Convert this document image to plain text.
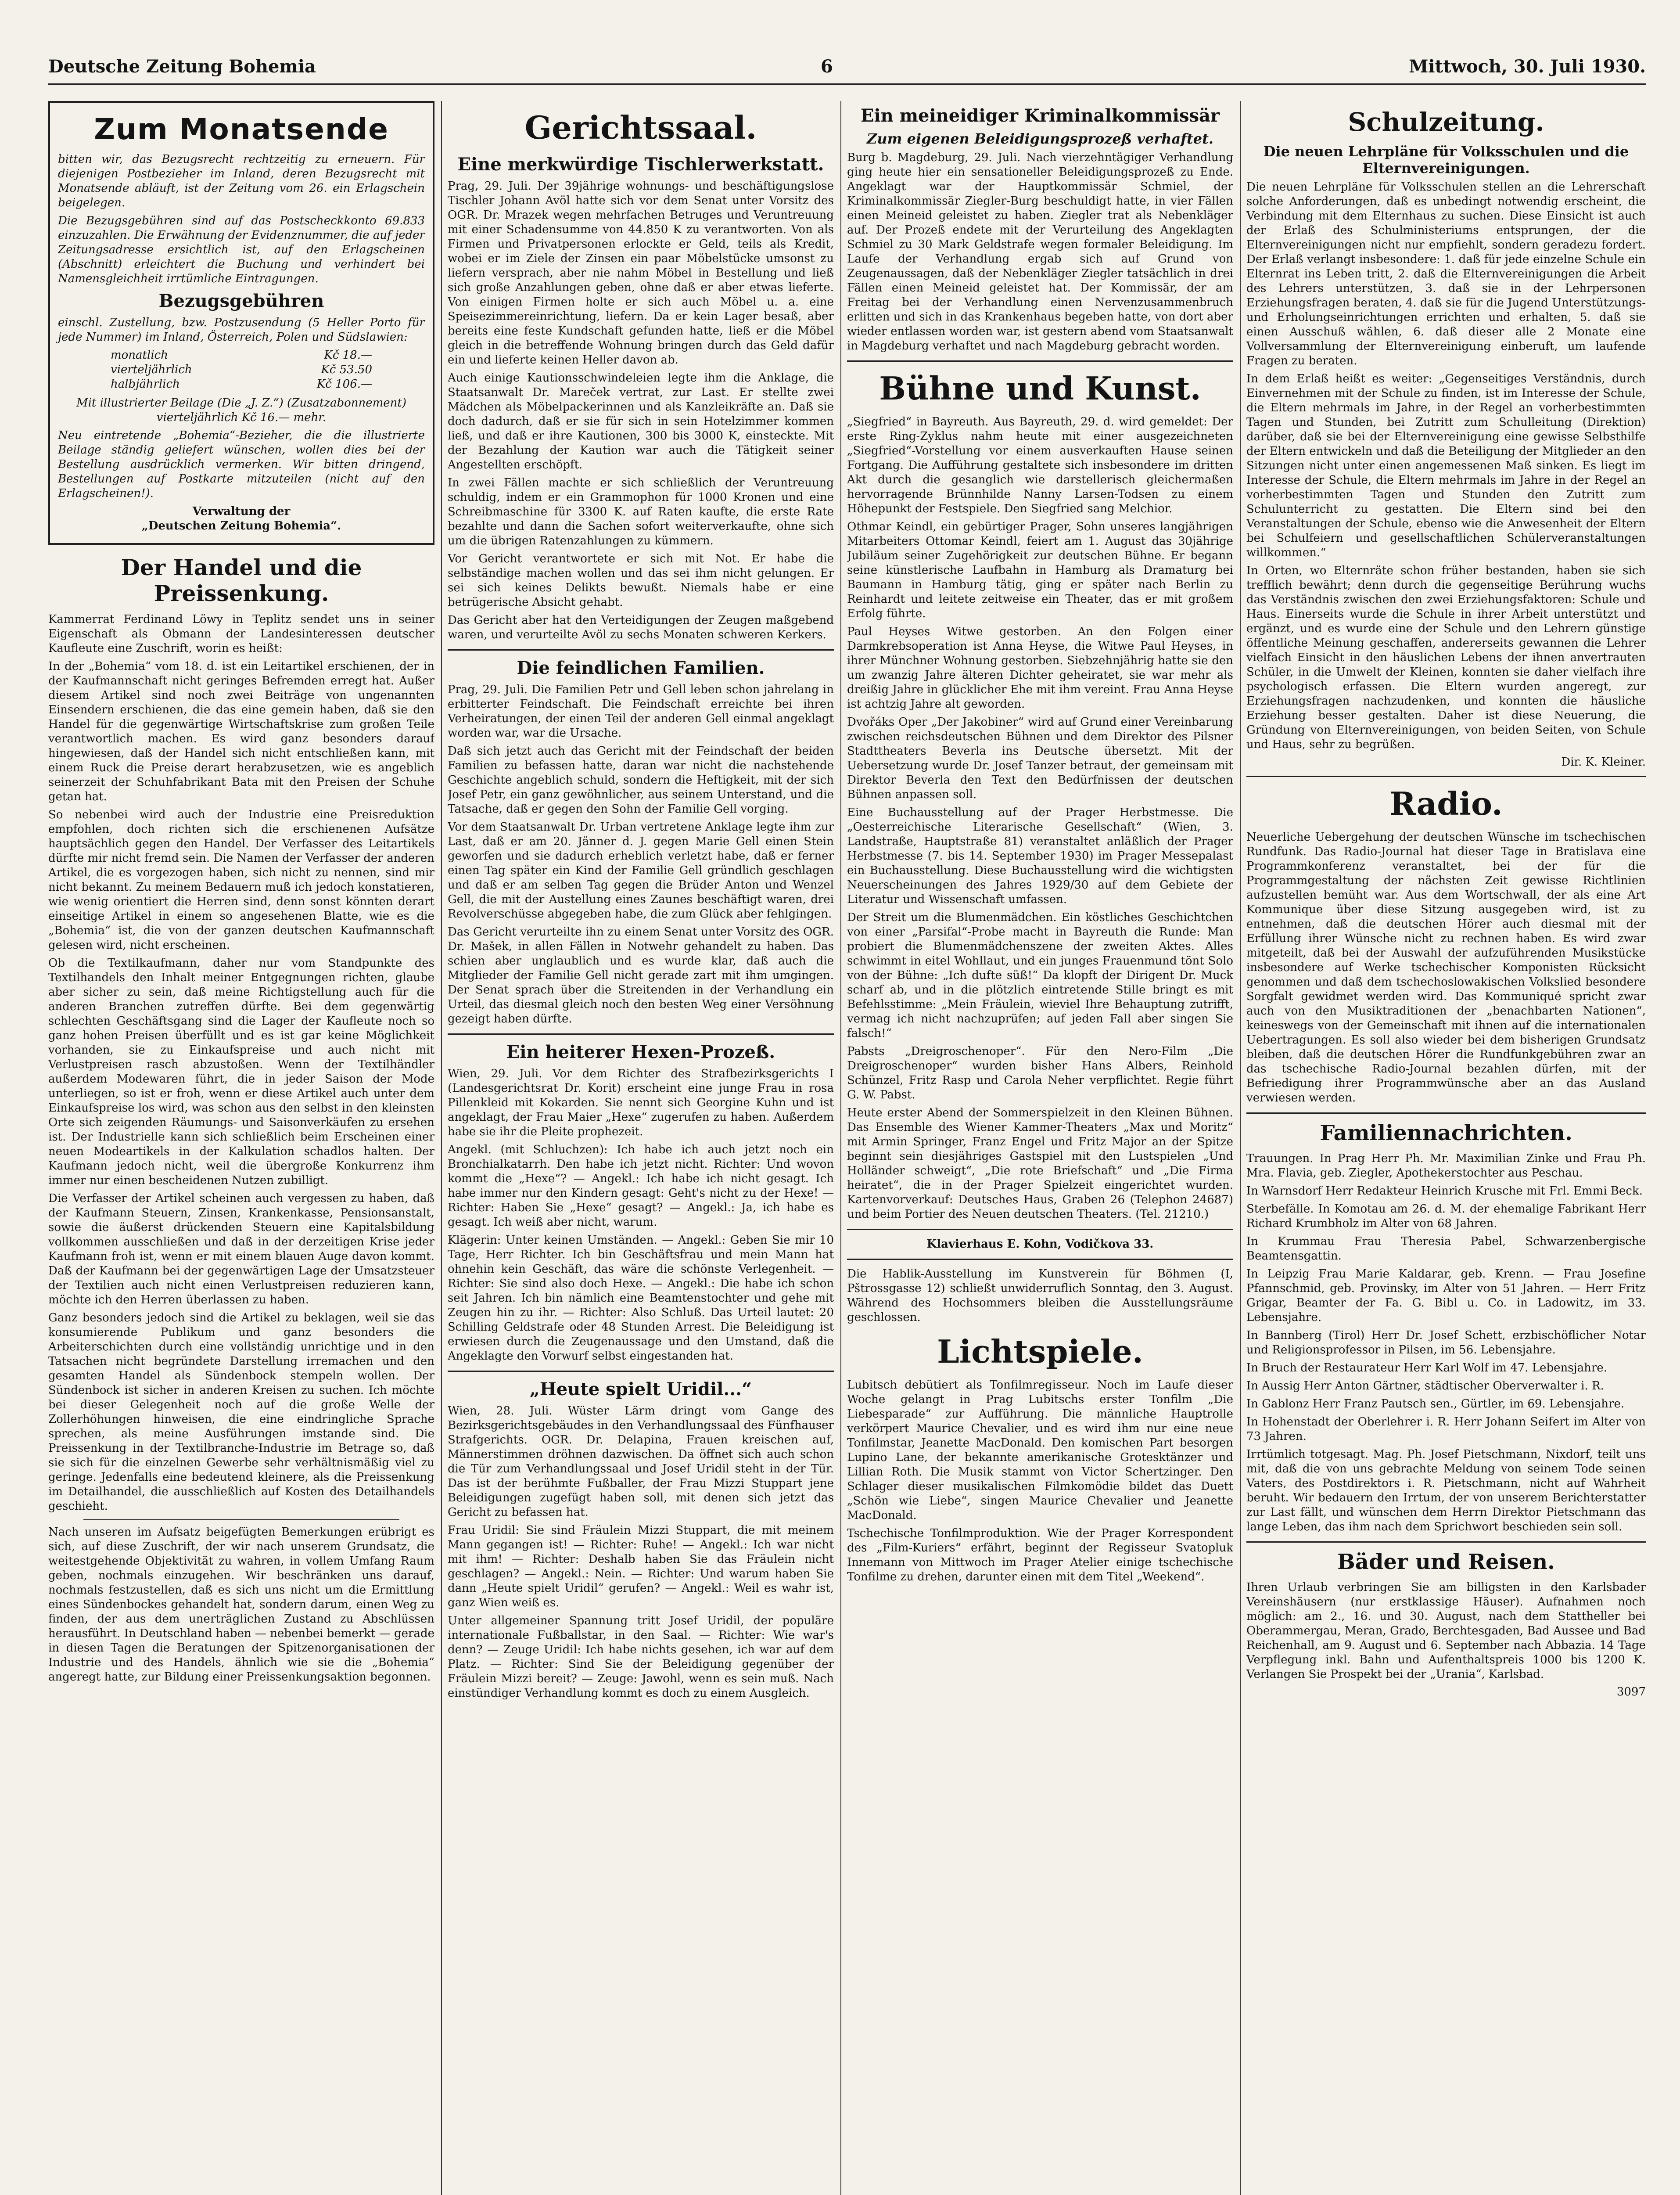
Deutsche Zeitung Bohemia	6	Mittwoch, 30. Juli 1930.
Zum Monatsende

bitten wir, das Bezugsrecht rechtzeitig zu erneuern. Für diejenigen Postbezieher im Inland, deren Bezugsrecht mit Monatsende abläuft, ist der Zeitung vom 26. ein Erlagschein beigelegen.

Die Bezugsgebühren sind auf das Postscheckkonto 69.833 einzuzahlen. Die Erwähnung der Evidenznummer, die auf jeder Zeitungsadresse ersichtlich ist, auf den Erlagscheinen (Abschnitt) erleichtert die Buchung und verhindert bei Namensgleichheit irrtümliche Eintragungen.

Bezugsgebühren

einschl. Zustellung, bzw. Postzusendung (5 Heller Porto für jede Nummer) im Inland, Österreich, Polen und Südslawien:

monatlich	Kč 18.—
vierteljährlich	Kč 53.50
halbjährlich	Kč 106.—

Mit illustrierter Beilage (Die „J. Z.“) (Zusatzabonnement) vierteljährlich Kč 16.— mehr.

Neu eintretende „Bohemia“-Bezieher, die die illustrierte Beilage ständig geliefert wünschen, wollen dies bei der Bestellung ausdrücklich vermerken. Wir bitten dringend, Bestellungen auf Postkarte mitzuteilen (nicht auf den Erlagscheinen!).

Verwaltung der

„Deutschen Zeitung Bohemia“.

Der Handel und die Preissenkung.

Kammerrat Ferdinand Löwy in Teplitz sendet uns in seiner Eigenschaft als Obmann der Landesinteressen deutscher Kaufleute eine Zuschrift, worin es heißt:

In der „Bohemia“ vom 18. d. ist ein Leitartikel erschienen, der in der Kaufmannschaft nicht geringes Befremden erregt hat. Außer diesem Artikel sind noch zwei Beiträge von ungenannten Einsendern erschienen, die das eine gemein haben, daß sie den Handel für die gegenwärtige Wirtschaftskrise zum großen Teile verantwortlich machen. Es wird ganz besonders darauf hingewiesen, daß der Handel sich nicht entschließen kann, mit einem Ruck die Preise derart herabzusetzen, wie es angeblich seinerzeit der Schuhfabrikant Bata mit den Preisen der Schuhe getan hat.

So nebenbei wird auch der Industrie eine Preisreduktion empfohlen, doch richten sich die erschienenen Aufsätze hauptsächlich gegen den Handel. Der Verfasser des Leitartikels dürfte mir nicht fremd sein. Die Namen der Verfasser der anderen Artikel, die es vorgezogen haben, sich nicht zu nennen, sind mir nicht bekannt. Zu meinem Bedauern muß ich jedoch konstatieren, wie wenig orientiert die Herren sind, denn sonst könnten derart einseitige Artikel in einem so angesehenen Blatte, wie es die „Bohemia“ ist, die von der ganzen deutschen Kaufmannschaft gelesen wird, nicht erscheinen.

Ob die Textilkaufmann, daher nur vom Standpunkte des Textilhandels den Inhalt meiner Entgegnungen richten, glaube aber sicher zu sein, daß meine Richtigstellung auch für die anderen Branchen zutreffen dürfte. Bei dem gegenwärtig schlechten Geschäftsgang sind die Lager der Kaufleute noch so ganz hohen Preisen überfüllt und es ist gar keine Möglichkeit vorhanden, sie zu Einkaufspreise und auch nicht mit Verlustpreisen rasch abzustoßen. Wenn der Textilhändler außerdem Modewaren führt, die in jeder Saison der Mode unterliegen, so ist er froh, wenn er diese Artikel auch unter dem Einkaufspreise los wird, was schon aus den selbst in den kleinsten Orte sich zeigenden Räumungs- und Saisonverkäufen zu ersehen ist. Der Industrielle kann sich schließlich beim Erscheinen einer neuen Modeartikels in der Kalkulation schadlos halten. Der Kaufmann jedoch nicht, weil die übergroße Konkurrenz ihm immer nur einen bescheidenen Nutzen zubilligt.

Die Verfasser der Artikel scheinen auch vergessen zu haben, daß der Kaufmann Steuern, Zinsen, Krankenkasse, Pensionsanstalt, sowie die äußerst drückenden Steuern eine Kapitalsbildung vollkommen ausschließen und daß in der derzeitigen Krise jeder Kaufmann froh ist, wenn er mit einem blauen Auge davon kommt. Daß der Kaufmann bei der gegenwärtigen Lage der Umsatzsteuer der Textilien auch nicht einen Verlustpreisen reduzieren kann, möchte ich den Herren überlassen zu haben.

Ganz besonders jedoch sind die Artikel zu beklagen, weil sie das konsumierende Publikum und ganz besonders die Arbeiterschichten durch eine vollständig unrichtige und in den Tatsachen nicht begründete Darstellung irremachen und den gesamten Handel als Sündenbock stempeln wollen. Der Sündenbock ist sicher in anderen Kreisen zu suchen. Ich möchte bei dieser Gelegenheit noch auf die große Welle der Zollerhöhungen hinweisen, die eine eindringliche Sprache sprechen, als meine Ausführungen imstande sind. Die Preissenkung in der Textilbranche-Industrie im Betrage so, daß sie sich für die einzelnen Gewerbe sehr verhältnismäßig viel zu geringe. Jedenfalls eine bedeutend kleinere, als die Preissenkung im Detailhandel, die ausschließlich auf Kosten des Detailhandels geschieht.

Nach unseren im Aufsatz beigefügten Bemerkungen erübrigt es sich, auf diese Zuschrift, der wir nach unserem Grundsatz, die weitestgehende Objektivität zu wahren, in vollem Umfang Raum geben, nochmals einzugehen. Wir beschränken uns darauf, nochmals festzustellen, daß es sich uns nicht um die Ermittlung eines Sündenbockes gehandelt hat, sondern darum, einen Weg zu finden, der aus dem unerträglichen Zustand zu Abschlüssen herausführt. In Deutschland haben — nebenbei bemerkt — gerade in diesen Tagen die Beratungen der Spitzenorganisationen der Industrie und des Handels, ähnlich wie sie die „Bohemia“ angeregt hatte, zur Bildung einer Preissenkungsaktion begonnen.

Gerichtssaal.
Eine merkwürdige Tischlerwerkstatt.

Prag, 29. Juli. Der 39jährige wohnungs- und beschäftigungslose Tischler Johann Avöl hatte sich vor dem Senat unter Vorsitz des OGR. Dr. Mrazek wegen mehrfachen Betruges und Veruntreuung mit einer Schadensumme von 44.850 K zu verantworten. Von als Firmen und Privatpersonen erlockte er Geld, teils als Kredit, wobei er im Ziele der Zinsen ein paar Möbelstücke umsonst zu liefern versprach, aber nie nahm Möbel in Bestellung und ließ sich große Anzahlungen geben, ohne daß er aber etwas lieferte. Von einigen Firmen holte er sich auch Möbel u. a. eine Speisezimmereinrichtung, liefern. Da er kein Lager besaß, aber bereits eine feste Kundschaft gefunden hatte, ließ er die Möbel gleich in die betreffende Wohnung bringen durch das Geld dafür ein und lieferte keinen Heller davon ab.

Auch einige Kautionsschwindeleien legte ihm die Anklage, die Staatsanwalt Dr. Mareček vertrat, zur Last. Er stellte zwei Mädchen als Möbelpackerinnen und als Kanzleikräfte an. Daß sie doch dadurch, daß er sie für sich in sein Hotelzimmer kommen ließ, und daß er ihre Kautionen, 300 bis 3000 K, einsteckte. Mit der Bezahlung der Kaution war auch die Tätigkeit seiner Angestellten erschöpft.

In zwei Fällen machte er sich schließlich der Veruntreuung schuldig, indem er ein Grammophon für 1000 Kronen und eine Schreibmaschine für 3300 K. auf Raten kaufte, die erste Rate bezahlte und dann die Sachen sofort weiterverkaufte, ohne sich um die übrigen Ratenzahlungen zu kümmern.

Vor Gericht verantwortete er sich mit Not. Er habe die selbständige machen wollen und das sei ihm nicht gelungen. Er sei sich keines Delikts bewußt. Niemals habe er eine betrügerische Absicht gehabt.

Das Gericht aber hat den Verteidigungen der Zeugen maßgebend waren, und verurteilte Avöl zu sechs Monaten schweren Kerkers.

Die feindlichen Familien.

Prag, 29. Juli. Die Familien Petr und Gell leben schon jahrelang in erbitterter Feindschaft. Die Feindschaft erreichte bei ihren Verheiratungen, der einen Teil der anderen Gell einmal angeklagt worden war, war die Ursache.

Daß sich jetzt auch das Gericht mit der Feindschaft der beiden Familien zu befassen hatte, daran war nicht die nachstehende Geschichte angeblich schuld, sondern die Heftigkeit, mit der sich Josef Petr, ein ganz gewöhnlicher, aus seinem Unterstand, und die Tatsache, daß er gegen den Sohn der Familie Gell vorging.

Vor dem Staatsanwalt Dr. Urban vertretene Anklage legte ihm zur Last, daß er am 20. Jänner d. J. gegen Marie Gell einen Stein geworfen und sie dadurch erheblich verletzt habe, daß er ferner einen Tag später ein Kind der Familie Gell gründlich geschlagen und daß er am selben Tag gegen die Brüder Anton und Wenzel Gell, die mit der Austellung eines Zaunes beschäftigt waren, drei Revolverschüsse abgegeben habe, die zum Glück aber fehlgingen.

Das Gericht verurteilte ihn zu einem Senat unter Vorsitz des OGR. Dr. Mašek, in allen Fällen in Notwehr gehandelt zu haben. Das schien aber unglaublich und es wurde klar, daß auch die Mitglieder der Familie Gell nicht gerade zart mit ihm umgingen. Der Senat sprach über die Streitenden in der Verhandlung ein Urteil, das diesmal gleich noch den besten Weg einer Versöhnung gezeigt haben dürfte.

Ein heiterer Hexen-Prozeß.

Wien, 29. Juli. Vor dem Richter des Strafbezirksgerichts I (Landesgerichtsrat Dr. Korit) erscheint eine junge Frau in rosa Pillenkleid mit Kokarden. Sie nennt sich Georgine Kuhn und ist angeklagt, der Frau Maier „Hexe“ zugerufen zu haben. Außerdem habe sie ihr die Pleite prophezeit.

Angekl. (mit Schluchzen): Ich habe ich auch jetzt noch ein Bronchialkatarrh. Den habe ich jetzt nicht. Richter: Und wovon kommt die „Hexe“? — Angekl.: Ich habe ich nicht gesagt. Ich habe immer nur den Kindern gesagt: Geht's nicht zu der Hexe! — Richter: Haben Sie „Hexe“ gesagt? — Angekl.: Ja, ich habe es gesagt. Ich weiß aber nicht, warum.

Klägerin: Unter keinen Umständen. — Angekl.: Geben Sie mir 10 Tage, Herr Richter. Ich bin Geschäftsfrau und mein Mann hat ohnehin kein Geschäft, das wäre die schönste Verlegenheit. — Richter: Sie sind also doch Hexe. — Angekl.: Die habe ich schon seit Jahren. Ich bin nämlich eine Beamtenstochter und gehe mit Zeugen hin zu ihr. — Richter: Also Schluß. Das Urteil lautet: 20 Schilling Geldstrafe oder 48 Stunden Arrest. Die Beleidigung ist erwiesen durch die Zeugenaussage und den Umstand, daß die Angeklagte den Vorwurf selbst eingestanden hat.

„Heute spielt Uridil...“

Wien, 28. Juli. Wüster Lärm dringt vom Gange des Bezirksgerichtsgebäudes in den Verhandlungssaal des Fünfhauser Strafgerichts. OGR. Dr. Delapina, Frauen kreischen auf, Männerstimmen dröhnen dazwischen. Da öffnet sich auch schon die Tür zum Verhandlungssaal und Josef Uridil steht in der Tür. Das ist der berühmte Fußballer, der Frau Mizzi Stuppart jene Beleidigungen zugefügt haben soll, mit denen sich jetzt das Gericht zu befassen hat.

Frau Uridil: Sie sind Fräulein Mizzi Stuppart, die mit meinem Mann gegangen ist! — Richter: Ruhe! — Angekl.: Ich war nicht mit ihm! — Richter: Deshalb haben Sie das Fräulein nicht geschlagen? — Angekl.: Nein. — Richter: Und warum haben Sie dann „Heute spielt Uridil“ gerufen? — Angekl.: Weil es wahr ist, ganz Wien weiß es.

Unter allgemeiner Spannung tritt Josef Uridil, der populäre internationale Fußballstar, in den Saal. — Richter: Wie war's denn? — Zeuge Uridil: Ich habe nichts gesehen, ich war auf dem Platz. — Richter: Sind Sie der Beleidigung gegenüber der Fräulein Mizzi bereit? — Zeuge: Jawohl, wenn es sein muß. Nach einstündiger Verhandlung kommt es doch zu einem Ausgleich.

Ein meineidiger Kriminalkommissär
Zum eigenen Beleidigungsprozeß verhaftet.

Burg b. Magdeburg, 29. Juli. Nach vierzehntägiger Verhandlung ging heute hier ein sensationeller Beleidigungsprozeß zu Ende. Angeklagt war der Hauptkommissär Schmiel, der Kriminalkommissär Ziegler-Burg beschuldigt hatte, in vier Fällen einen Meineid geleistet zu haben. Ziegler trat als Nebenkläger auf. Der Prozeß endete mit der Verurteilung des Angeklagten Schmiel zu 30 Mark Geldstrafe wegen formaler Beleidigung. Im Laufe der Verhandlung ergab sich auf Grund von Zeugenaussagen, daß der Nebenkläger Ziegler tatsächlich in drei Fällen einen Meineid geleistet hat. Der Kommissär, der am Freitag bei der Verhandlung einen Nervenzusammenbruch erlitten und sich in das Krankenhaus begeben hatte, von dort aber wieder entlassen worden war, ist gestern abend vom Staatsanwalt in Magdeburg verhaftet und nach Magdeburg gebracht worden.

Bühne und Kunst.

„Siegfried“ in Bayreuth. Aus Bayreuth, 29. d. wird gemeldet: Der erste Ring-Zyklus nahm heute mit einer ausgezeichneten „Siegfried“-Vorstellung vor einem ausverkauften Hause seinen Fortgang. Die Aufführung gestaltete sich insbesondere im dritten Akt durch die gesanglich wie darstellerisch gleichermaßen hervorragende Brünnhilde Nanny Larsen-Todsen zu einem Höhepunkt der Festspiele. Den Siegfried sang Melchior.

Othmar Keindl, ein gebürtiger Prager, Sohn unseres langjährigen Mitarbeiters Ottomar Keindl, feiert am 1. August das 30jährige Jubiläum seiner Zugehörigkeit zur deutschen Bühne. Er begann seine künstlerische Laufbahn in Hamburg als Dramaturg bei Baumann in Hamburg tätig, ging er später nach Berlin zu Reinhardt und leitete zeitweise ein Theater, das er mit großem Erfolg führte.

Paul Heyses Witwe gestorben. An den Folgen einer Darmkrebsoperation ist Anna Heyse, die Witwe Paul Heyses, in ihrer Münchner Wohnung gestorben. Siebzehnjährig hatte sie den um zwanzig Jahre älteren Dichter geheiratet, sie war mehr als dreißig Jahre in glücklicher Ehe mit ihm vereint. Frau Anna Heyse ist achtzig Jahre alt geworden.

Dvořáks Oper „Der Jakobiner“ wird auf Grund einer Vereinbarung zwischen reichsdeutschen Bühnen und dem Direktor des Pilsner Stadttheaters Beverla ins Deutsche übersetzt. Mit der Uebersetzung wurde Dr. Josef Tanzer betraut, der gemeinsam mit Direktor Beverla den Text den Bedürfnissen der deutschen Bühnen anpassen soll.

Eine Buchausstellung auf der Prager Herbstmesse. Die „Oesterreichische Literarische Gesellschaft“ (Wien, 3. Landstraße, Hauptstraße 81) veranstaltet anläßlich der Prager Herbstmesse (7. bis 14. September 1930) im Prager Messepalast ein Buchausstellung. Diese Buchausstellung wird die wichtigsten Neuerscheinungen des Jahres 1929/30 auf dem Gebiete der Literatur und Wissenschaft umfassen.

Der Streit um die Blumenmädchen. Ein köstliches Geschichtchen von einer „Parsifal“-Probe macht in Bayreuth die Runde: Man probiert die Blumenmädchenszene der zweiten Aktes. Alles schwimmt in eitel Wohllaut, und ein junges Frauenmund tönt Solo von der Bühne: „Ich dufte süß!“ Da klopft der Dirigent Dr. Muck scharf ab, und in die plötzlich eintretende Stille bringt es mit Befehlsstimme: „Mein Fräulein, wieviel Ihre Behauptung zutrifft, vermag ich nicht nachzuprüfen; auf jeden Fall aber singen Sie falsch!“

Pabsts „Dreigroschenoper“. Für den Nero-Film „Die Dreigroschenoper“ wurden bisher Hans Albers, Reinhold Schünzel, Fritz Rasp und Carola Neher verpflichtet. Regie führt G. W. Pabst.

Heute erster Abend der Sommerspielzeit in den Kleinen Bühnen. Das Ensemble des Wiener Kammer-Theaters „Max und Moritz“ mit Armin Springer, Franz Engel und Fritz Major an der Spitze beginnt sein diesjähriges Gastspiel mit den Lustspielen „Und Holländer schweigt“, „Die rote Briefschaft“ und „Die Firma heiratet“, die in der Prager Spielzeit eingerichtet wurden. Kartenvorverkauf: Deutsches Haus, Graben 26 (Telephon 24687) und beim Portier des Neuen deutschen Theaters. (Tel. 21210.)

Klavierhaus E. Kohn, Vodičkova 33.

Die Hablik-Ausstellung im Kunstverein für Böhmen (I, Pštrossgasse 12) schließt unwiderruflich Sonntag, den 3. August. Während des Hochsommers bleiben die Ausstellungsräume geschlossen.

Lichtspiele.

Lubitsch debütiert als Tonfilmregisseur. Noch im Laufe dieser Woche gelangt in Prag Lubitschs erster Tonfilm „Die Liebesparade“ zur Aufführung. Die männliche Hauptrolle verkörpert Maurice Chevalier, und es wird ihm nur eine neue Tonfilmstar, Jeanette MacDonald. Den komischen Part besorgen Lupino Lane, der bekannte amerikanische Grotesktänzer und Lillian Roth. Die Musik stammt von Victor Schertzinger. Den Schlager dieser musikalischen Filmkomödie bildet das Duett „Schön wie Liebe“, singen Maurice Chevalier und Jeanette MacDonald.

Tschechische Tonfilmproduktion. Wie der Prager Korrespondent des „Film-Kuriers“ erfährt, beginnt der Regisseur Svatopluk Innemann von Mittwoch im Prager Atelier einige tschechische Tonfilme zu drehen, darunter einen mit dem Titel „Weekend“.

Schulzeitung.
Die neuen Lehrpläne für Volksschulen und die Elternvereinigungen.

Die neuen Lehrpläne für Volksschulen stellen an die Lehrerschaft solche Anforderungen, daß es unbedingt notwendig erscheint, die Verbindung mit dem Elternhaus zu suchen. Diese Einsicht ist auch der Erlaß des Schulministeriums entsprungen, der die Elternvereinigungen nicht nur empfiehlt, sondern geradezu fordert. Der Erlaß verlangt insbesondere: 1. daß für jede einzelne Schule ein Elternrat ins Leben tritt, 2. daß die Elternvereinigungen die Arbeit des Lehrers unterstützen, 3. daß sie in der Lehrpersonen Erziehungsfragen beraten, 4. daß sie für die Jugend Unterstützungs- und Erholungseinrichtungen errichten und erhalten, 5. daß sie einen Ausschuß wählen, 6. daß dieser alle 2 Monate eine Vollversammlung der Elternvereinigung einberuft, um laufende Fragen zu beraten.

In dem Erlaß heißt es weiter: „Gegenseitiges Verständnis, durch Einvernehmen mit der Schule zu finden, ist im Interesse der Schule, die Eltern mehrmals im Jahre, in der Regel an vorherbestimmten Tagen und Stunden, bei Zutritt zum Schulleitung (Direktion) darüber, daß sie bei der Elternvereinigung eine gewisse Selbsthilfe der Eltern entwickeln und daß die Beteiligung der Mitglieder an den Sitzungen nicht unter einen angemessenen Maß sinken. Es liegt im Interesse der Schule, die Eltern mehrmals im Jahre in der Regel an vorherbestimmten Tagen und Stunden den Zutritt zum Schulunterricht zu gestatten. Die Eltern sind bei den Veranstaltungen der Schule, ebenso wie die Anwesenheit der Eltern bei Schulfeiern und gesellschaftlichen Schülerveranstaltungen willkommen.“

In Orten, wo Elternräte schon früher bestanden, haben sie sich trefflich bewährt; denn durch die gegenseitige Berührung wuchs das Verständnis zwischen den zwei Erziehungsfaktoren: Schule und Haus. Einerseits wurde die Schule in ihrer Arbeit unterstützt und ergänzt, und es wurde eine der Schule und den Lehrern günstige öffentliche Meinung geschaffen, andererseits gewannen die Lehrer vielfach Einsicht in den häuslichen Lebens der ihnen anvertrauten Schüler, in die Umwelt der Kleinen, konnten sie daher vielfach ihre psychologisch erfassen. Die Eltern wurden angeregt, zur Erziehungsfragen nachzudenken, und konnten die häusliche Erziehung besser gestalten. Daher ist diese Neuerung, die Gründung von Elternvereinigungen, von beiden Seiten, von Schule und Haus, sehr zu begrüßen.

Dir. K. Kleiner.
Radio.

Neuerliche Uebergehung der deutschen Wünsche im tschechischen Rundfunk. Das Radio-Journal hat dieser Tage in Bratislava eine Programmkonferenz veranstaltet, bei der für die Programmgestaltung der nächsten Zeit gewisse Richtlinien aufzustellen bemüht war. Aus dem Wortschwall, der als eine Art Kommunique über diese Sitzung ausgegeben wird, ist zu entnehmen, daß die deutschen Hörer auch diesmal mit der Erfüllung ihrer Wünsche nicht zu rechnen haben. Es wird zwar mitgeteilt, daß bei der Auswahl der aufzuführenden Musikstücke insbesondere auf Werke tschechischer Komponisten Rücksicht genommen und daß dem tschechoslowakischen Volkslied besondere Sorgfalt gewidmet werden wird. Das Kommuniqué spricht zwar auch von den Musiktraditionen der „benachbarten Nationen“, keineswegs von der Gemeinschaft mit ihnen auf die internationalen Uebertragungen. Es soll also wieder bei dem bisherigen Grundsatz bleiben, daß die deutschen Hörer die Rundfunkgebühren zwar an das tschechische Radio-Journal bezahlen dürfen, mit der Befriedigung ihrer Programmwünsche aber an das Ausland verwiesen werden.

Familiennachrichten.

Trauungen. In Prag Herr Ph. Mr. Maximilian Zinke und Frau Ph. Mra. Flavia, geb. Ziegler, Apothekerstochter aus Peschau.

In Warnsdorf Herr Redakteur Heinrich Krusche mit Frl. Emmi Beck.

Sterbefälle. In Komotau am 26. d. M. der ehemalige Fabrikant Herr Richard Krumbholz im Alter von 68 Jahren.

In Krummau Frau Theresia Pabel, Schwarzenbergische Beamtensgattin.

In Leipzig Frau Marie Kaldarar, geb. Krenn. — Frau Josefine Pfannschmid, geb. Provinsky, im Alter von 51 Jahren. — Herr Fritz Grigar, Beamter der Fa. G. Bibl u. Co. in Ladowitz, im 33. Lebensjahre.

In Bannberg (Tirol) Herr Dr. Josef Schett, erzbischöflicher Notar und Religionsprofessor in Pilsen, im 56. Lebensjahre.

In Bruch der Restaurateur Herr Karl Wolf im 47. Lebensjahre.

In Aussig Herr Anton Gärtner, städtischer Oberverwalter i. R.

In Gablonz Herr Franz Pautsch sen., Gürtler, im 69. Lebensjahre.

In Hohenstadt der Oberlehrer i. R. Herr Johann Seifert im Alter von 73 Jahren.

Irrtümlich totgesagt. Mag. Ph. Josef Pietschmann, Nixdorf, teilt uns mit, daß die von uns gebrachte Meldung von seinem Tode seinen Vaters, des Postdirektors i. R. Pietschmann, nicht auf Wahrheit beruht. Wir bedauern den Irrtum, der von unserem Berichterstatter zur Last fällt, und wünschen dem Herrn Direktor Pietschmann das lange Leben, das ihm nach dem Sprichwort beschieden sein soll.

Bäder und Reisen.

Ihren Urlaub verbringen Sie am billigsten in den Karlsbader Vereinshäusern (nur erstklassige Häuser). Aufnahmen noch möglich: am 2., 16. und 30. August, nach dem Stattheller bei Oberammergau, Meran, Grado, Berchtesgaden, Bad Aussee und Bad Reichenhall, am 9. August und 6. September nach Abbazia. 14 Tage Verpflegung inkl. Bahn und Aufenthaltspreis 1000 bis 1200 K. Verlangen Sie Prospekt bei der „Urania“, Karlsbad.

3097
